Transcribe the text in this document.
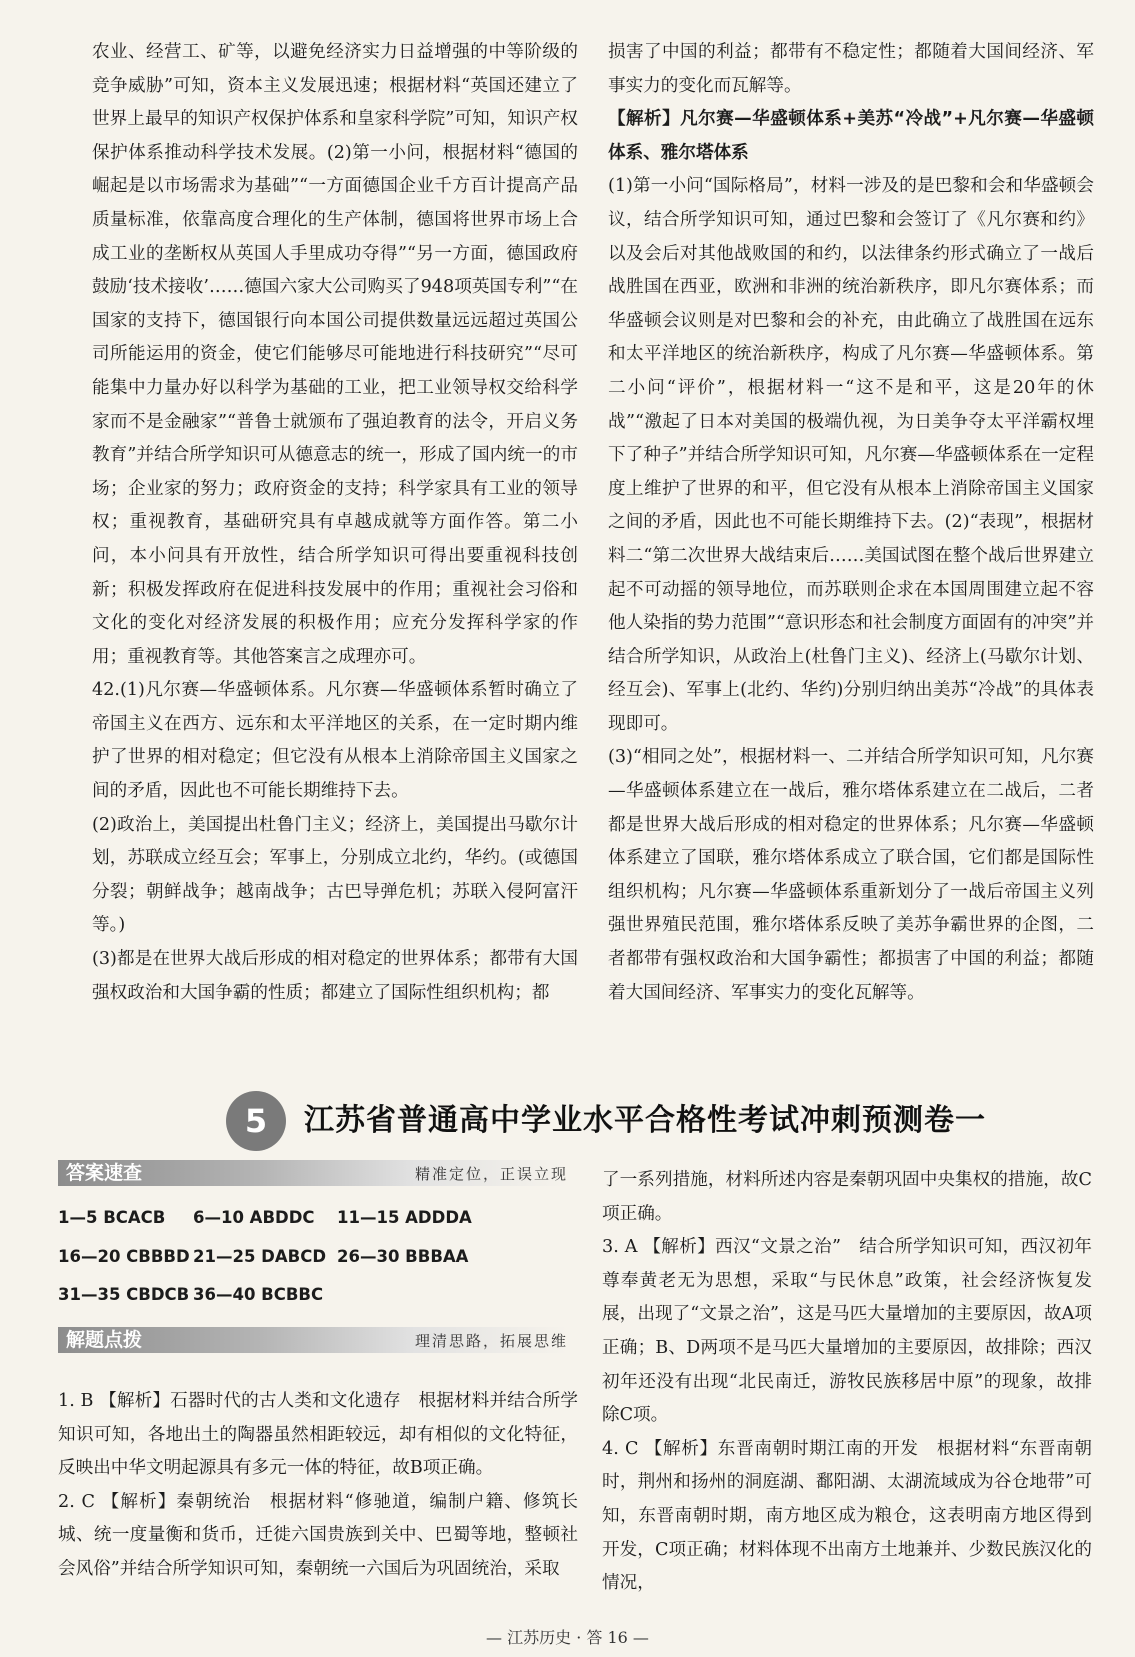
农业、经营工、矿等，以避免经济实力日益增强的中等阶级的竞争威胁”可知，资本主义发展迅速；根据材料“英国还建立了世界上最早的知识产权保护体系和皇家科学院”可知，知识产权保护体系推动科学技术发展。(2)第一小问，根据材料“德国的崛起是以市场需求为基础”“一方面德国企业千方百计提高产品质量标准，依靠高度合理化的生产体制，德国将世界市场上合成工业的垄断权从英国人手里成功夺得”“另一方面，德国政府鼓励‘技术接收’……德国六家大公司购买了948项英国专利”“在国家的支持下，德国银行向本国公司提供数量远远超过英国公司所能运用的资金，使它们能够尽可能地进行科技研究”“尽可能集中力量办好以科学为基础的工业，把工业领导权交给科学家而不是金融家”“普鲁士就颁布了强迫教育的法令，开启义务教育”并结合所学知识可从德意志的统一，形成了国内统一的市场；企业家的努力；政府资金的支持；科学家具有工业的领导权；重视教育，基础研究具有卓越成就等方面作答。第二小问，本小问具有开放性，结合所学知识可得出要重视科技创新；积极发挥政府在促进科技发展中的作用；重视社会习俗和文化的变化对经济发展的积极作用；应充分发挥科学家的作用；重视教育等。其他答案言之成理亦可。

42.(1)凡尔赛—华盛顿体系。凡尔赛—华盛顿体系暂时确立了帝国主义在西方、远东和太平洋地区的关系，在一定时期内维护了世界的相对稳定；但它没有从根本上消除帝国主义国家之间的矛盾，因此也不可能长期维持下去。

(2)政治上，美国提出杜鲁门主义；经济上，美国提出马歇尔计划，苏联成立经互会；军事上，分别成立北约，华约。(或德国分裂；朝鲜战争；越南战争；古巴导弹危机；苏联入侵阿富汗等。)

(3)都是在世界大战后形成的相对稳定的世界体系；都带有大国强权政治和大国争霸的性质；都建立了国际性组织机构；都

损害了中国的利益；都带有不稳定性；都随着大国间经济、军事实力的变化而瓦解等。

【解析】凡尔赛—华盛顿体系+美苏“冷战”+凡尔赛—华盛顿体系、雅尔塔体系

(1)第一小问“国际格局”，材料一涉及的是巴黎和会和华盛顿会议，结合所学知识可知，通过巴黎和会签订了《凡尔赛和约》以及会后对其他战败国的和约，以法律条约形式确立了一战后战胜国在西亚，欧洲和非洲的统治新秩序，即凡尔赛体系；而华盛顿会议则是对巴黎和会的补充，由此确立了战胜国在远东和太平洋地区的统治新秩序，构成了凡尔赛—华盛顿体系。第二小问“评价”，根据材料一“这不是和平，这是20年的休战”“激起了日本对美国的极端仇视，为日美争夺太平洋霸权埋下了种子”并结合所学知识可知，凡尔赛—华盛顿体系在一定程度上维护了世界的和平，但它没有从根本上消除帝国主义国家之间的矛盾，因此也不可能长期维持下去。(2)“表现”，根据材料二“第二次世界大战结束后……美国试图在整个战后世界建立起不可动摇的领导地位，而苏联则企求在本国周围建立起不容他人染指的势力范围”“意识形态和社会制度方面固有的冲突”并结合所学知识，从政治上(杜鲁门主义)、经济上(马歇尔计划、经互会)、军事上(北约、华约)分别归纳出美苏“冷战”的具体表现即可。

(3)“相同之处”，根据材料一、二并结合所学知识可知，凡尔赛—华盛顿体系建立在一战后，雅尔塔体系建立在二战后，二者都是世界大战后形成的相对稳定的世界体系；凡尔赛—华盛顿体系建立了国联，雅尔塔体系成立了联合国，它们都是国际性组织机构；凡尔赛—华盛顿体系重新划分了一战后帝国主义列强世界殖民范围，雅尔塔体系反映了美苏争霸世界的企图，二者都带有强权政治和大国争霸性；都损害了中国的利益；都随着大国间经济、军事实力的变化瓦解等。

5	江苏省普通高中学业水平合格性考试冲刺预测卷一
答案速查	精准定位，正误立现
1—5 BCACB 6—10 ABDDC 11—15 ADDDA
16—20 CBBBD 21—25 DABCD 26—30 BBBAA
31—35 CBDCB 36—40 BCBBC
解题点拨	理清思路，拓展思维

1. B 【解析】石器时代的古人类和文化遗存　根据材料并结合所学知识可知，各地出土的陶器虽然相距较远，却有相似的文化特征，反映出中华文明起源具有多元一体的特征，故B项正确。

2. C 【解析】秦朝统治　根据材料“修驰道，编制户籍、修筑长城、统一度量衡和货币，迁徙六国贵族到关中、巴蜀等地，整顿社会风俗”并结合所学知识可知，秦朝统一六国后为巩固统治，采取

了一系列措施，材料所述内容是秦朝巩固中央集权的措施，故C项正确。

3. A 【解析】西汉“文景之治”　结合所学知识可知，西汉初年尊奉黄老无为思想，采取“与民休息”政策，社会经济恢复发展，出现了“文景之治”，这是马匹大量增加的主要原因，故A项正确；B、D两项不是马匹大量增加的主要原因，故排除；西汉初年还没有出现“北民南迁，游牧民族移居中原”的现象，故排除C项。

4. C 【解析】东晋南朝时期江南的开发　根据材料“东晋南朝时，荆州和扬州的洞庭湖、鄱阳湖、太湖流域成为谷仓地带”可知，东晋南朝时期，南方地区成为粮仓，这表明南方地区得到开发，C项正确；材料体现不出南方土地兼并、少数民族汉化的情况，

— 江苏历史 · 答 16 —
